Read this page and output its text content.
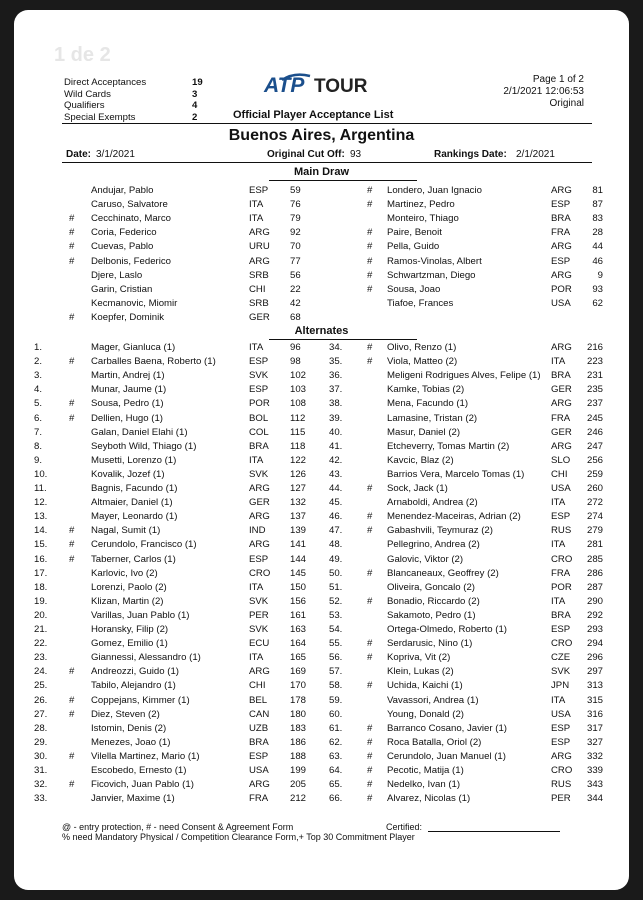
1 de 2
Direct Acceptances	19
Wild Cards	3
Qualifiers	4
Special Exempts	2
ATP TOUR	Page 1 of 2
2/1/2021 12:06:53
Original
Official Player Acceptance List
Buenos Aires, Argentina
Date: 3/1/2021	Original Cut Off: 93	Rankings Date: 2/1/2021
Main Draw
Andujar, Pablo	ESP 59
Caruso, Salvatore	ITA	76
# Cecchinato, Marco	ITA	79
# Coria, Federico	ARG 92
# Cuevas, Pablo	URU 70
# Delbonis, Federico	ARG 77
Djere, Laslo	SRB 56
Garin, Cristian	CHI	22
Kecmanovic, Miomir	SRB 42
# Koepfer, Dominik	GER 68
# Londero, Juan Ignacio	ARG 81
# Martinez, Pedro	ESP 87
Monteiro, Thiago	BRA 83
# Paire, Benoit	FRA 28
# Pella, Guido	ARG 44
# Ramos-Vinolas, Albert	ESP 46
# Schwartzman, Diego	ARG	9
# Sousa, Joao	POR 93
Tiafoe, Frances	USA 62
Alternates
1.	Mager, Gianluca (1)	ITA	96
2.	# Carballes Baena, Roberto (1)	ESP 98
3.	Martin, Andrej (1)	SVK 102
4.	Munar, Jaume (1)	ESP 103
5.	# Sousa, Pedro (1)	POR 108
6.	# Dellien, Hugo (1)	BOL 112
7.	Galan, Daniel Elahi (1)	COL 115
8.	Seyboth Wild, Thiago (1)	BRA 118
9.	Musetti, Lorenzo (1)	ITA	122
10.	Kovalik, Jozef (1)	SVK 126
11.	Bagnis, Facundo (1)	ARG 127
12.	Altmaier, Daniel (1)	GER 132
13.	Mayer, Leonardo (1)	ARG 137
14. # Nagal, Sumit (1)	IND	139
15. # Cerundolo, Francisco (1)	ARG 141
16. # Taberner, Carlos (1)	ESP 144
17.	Karlovic, Ivo (2)	CRO 145
18.	Lorenzi, Paolo (2)	ITA	150
19.	Klizan, Martin (2)	SVK 156
20.	Varillas, Juan Pablo (1)	PER 161
21.	Horansky, Filip (2)	SVK 163
22.	Gomez, Emilio (1)	ECU 164
23.	Giannessi, Alessandro (1)	ITA	165
24. # Andreozzi, Guido (1)	ARG 169
25.	Tabilo, Alejandro (1)	CHI	170
26. # Coppejans, Kimmer (1)	BEL 178
27. # Diez, Steven (2)	CAN 180
28.	Istomin, Denis (2)	UZB 183
29.	Menezes, Joao (1)	BRA 186
30. # Vilella Martinez, Mario (1)	ESP 188
31.	Escobedo, Ernesto (1)	USA 199
32. # Ficovich, Juan Pablo (1)	ARG 205
33.	Janvier, Maxime (1)	FRA 212
34.	# Olivo, Renzo (1)	ARG 216
35.	# Viola, Matteo (2)	ITA 223
36.	Meligeni Rodrigues Alves, Felipe (1) BRA 231
37.	Kamke, Tobias (2)	GER 235
38.	Mena, Facundo (1)	ARG 237
39.	Lamasine, Tristan (2)	FRA 245
40.	Masur, Daniel (2)	GER 246
41.	Etcheverry, Tomas Martin (2)	ARG 247
42.	Kavcic, Blaz (2)	SLO 256
43.	Barrios Vera, Marcelo Tomas (1)	CHI 259
44.	# Sock, Jack (1)	USA 260
45.	Arnaboldi, Andrea (2)	ITA 272
46.	# Menendez-Maceiras, Adrian (2)	ESP 274
47.	# Gabashvili, Teymuraz (2)	RUS 279
48.	Pellegrino, Andrea (2)	ITA 281
49.	Galovic, Viktor (2)	CRO 285
50.	# Blancaneaux, Geoffrey (2)	FRA 286
51.	Oliveira, Goncalo (2)	POR 287
52.	# Bonadio, Riccardo (2)	ITA 290
53.	Sakamoto, Pedro (1)	BRA 292
54.	Ortega-Olmedo, Roberto (1)	ESP 293
55.	# Serdarusic, Nino (1)	CRO 294
56.	# Kopriva, Vit (2)	CZE 296
57.	Klein, Lukas (2)	SVK 297
58.	# Uchida, Kaichi (1)	JPN 313
59.	Vavassori, Andrea (1)	ITA 315
60.	Young, Donald (2)	USA 316
61.	# Barranco Cosano, Javier (1)	ESP 317
62.	# Roca Batalla, Oriol (2)	ESP 327
63.	# Cerundolo, Juan Manuel (1)	ARG 332
64.	# Pecotic, Matija (1)	CRO 339
65.	# Nedelko, Ivan (1)	RUS 343
66.	# Alvarez, Nicolas (1)	PER 344
@ - entry protection, # - need Consent & Agreement Form	Certified:
% need Mandatory Physical / Competition Clearance Form,+ Top 30 Commitment Player
